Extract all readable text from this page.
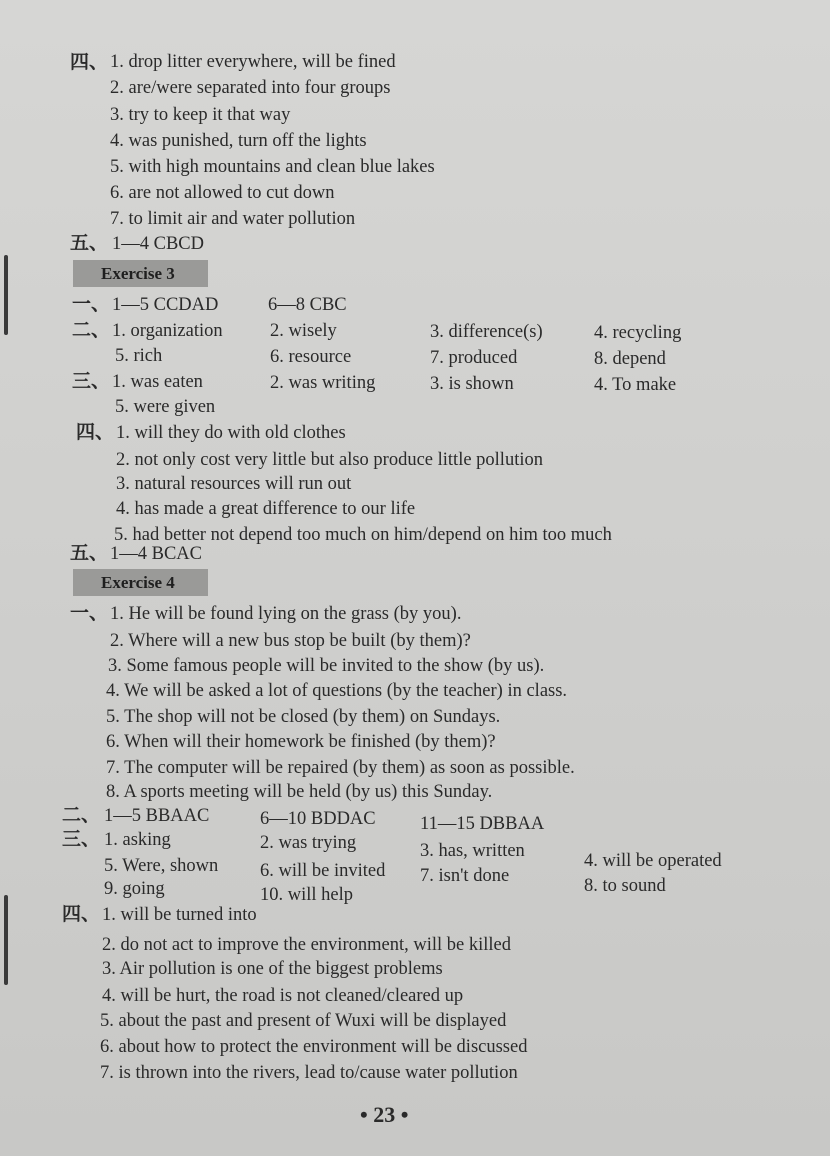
四、 1. drop litter everywhere, will be fined
2. are/were separated into four groups
3. try to keep it that way
4. was punished, turn off the lights
5. with high mountains and clean blue lakes
6. are not allowed to cut down
7. to limit air and water pollution
五、 1—4 CBCD
Exercise 3
一、 1—5 CCDAD	6—8 CBC
二、 1. organization	2. wisely	3. difference(s)	4. recycling
5. rich	6. resource	7. produced	8. depend
三、 1. was eaten	2. was writing	3. is shown	4. To make
5. were given
四、 1. will they do with old clothes
2. not only cost very little but also produce little pollution
3. natural resources will run out
4. has made a great difference to our life
5. had better not depend too much on him/depend on him too much
五、 1—4 BCAC
Exercise 4
一、 1. He will be found lying on the grass (by you).
2. Where will a new bus stop be built (by them)?
3. Some famous people will be invited to the show (by us).
4. We will be asked a lot of questions (by the teacher) in class.
5. The shop will not be closed (by them) on Sundays.
6. When will their homework be finished (by them)?
7. The computer will be repaired (by them) as soon as possible.
8. A sports meeting will be held (by us) this Sunday.
二、 1—5 BBAAC	6—10 BDDAC 11—15 DBBAA
三、 1. asking	2. was trying	3. has, written	4. will be operated
5. Were, shown 6. will be invited 7. isn't done	8. to sound
9. going	10. will help
四、 1. will be turned into
2. do not act to improve the environment, will be killed
3. Air pollution is one of the biggest problems
4. will be hurt, the road is not cleaned/cleared up
5. about the past and present of Wuxi will be displayed
6. about how to protect the environment will be discussed
7. is thrown into the rivers, lead to/cause water pollution
• 23 •
